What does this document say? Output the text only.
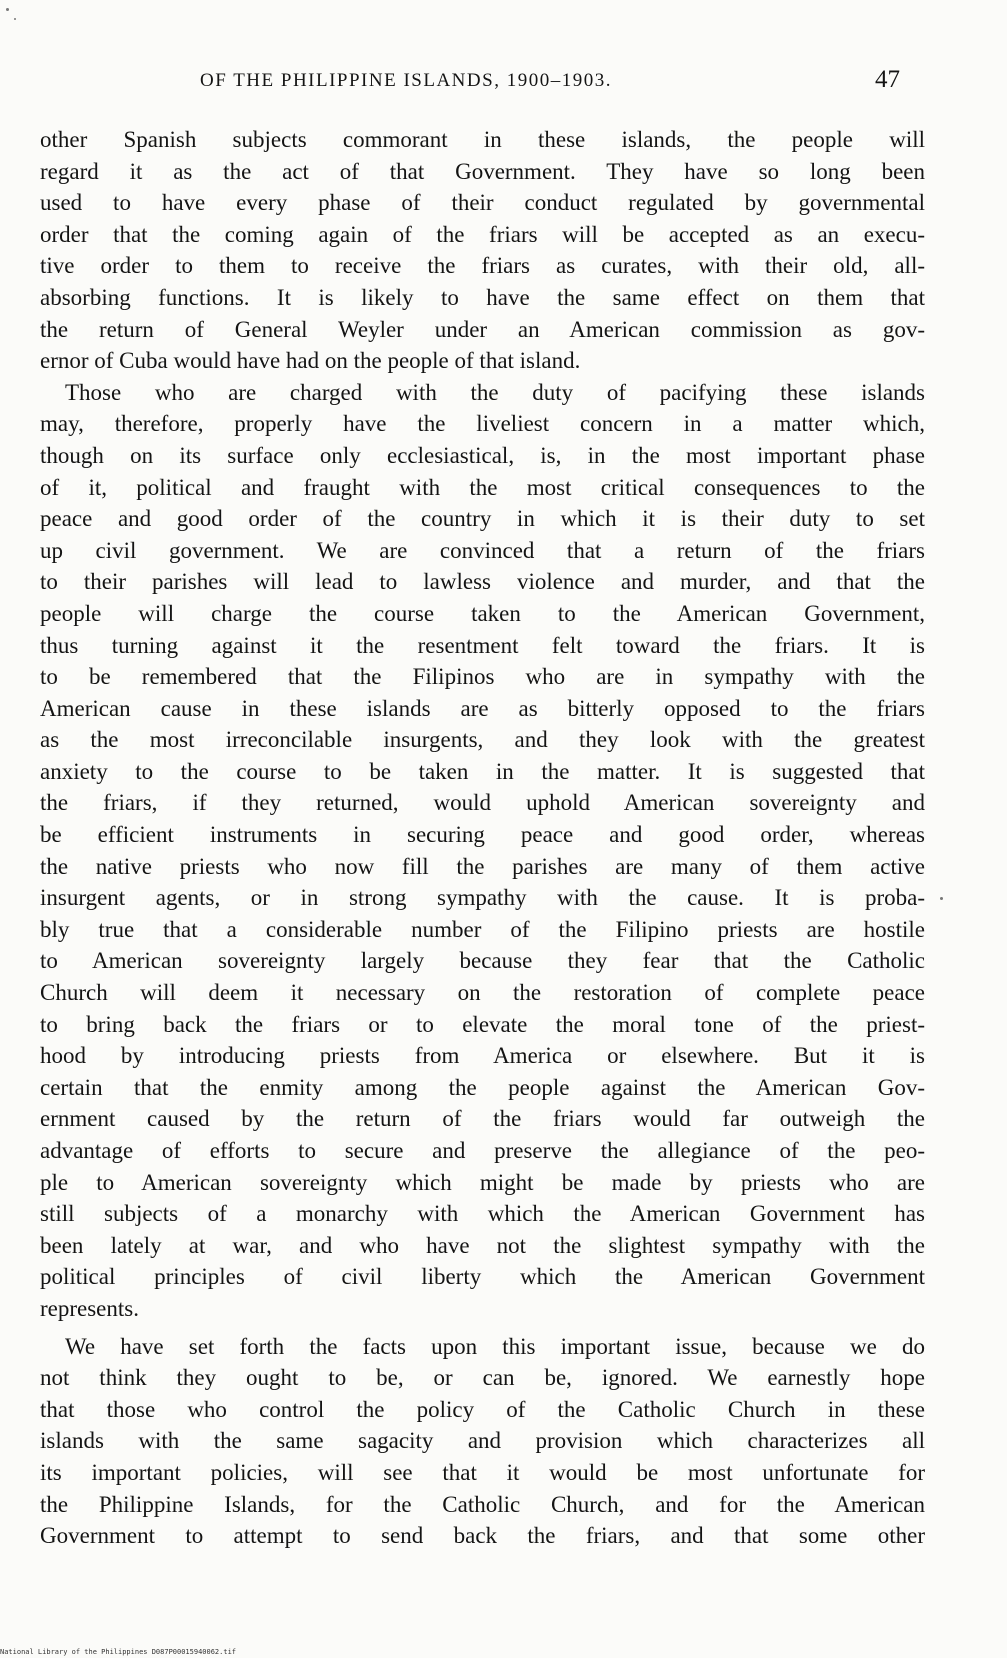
OF THE PHILIPPINE ISLANDS, 1900–1903.	47
other Spanish subjects commorant in these islands, the people will
regard it as the act of that Government. They have so long been
used to have every phase of their conduct regulated by governmental
order that the coming again of the friars will be accepted as an execu-
tive order to them to receive the friars as curates, with their old, all-
absorbing functions. It is likely to have the same effect on them that
the return of General Weyler under an American commission as gov-
ernor of Cuba would have had on the people of that island.
Those who are charged with the duty of pacifying these islands
may, therefore, properly have the liveliest concern in a matter which,
though on its surface only ecclesiastical, is, in the most important phase
of it, political and fraught with the most critical consequences to the
peace and good order of the country in which it is their duty to set
up civil government. We are convinced that a return of the friars
to their parishes will lead to lawless violence and murder, and that the
people will charge the course taken to the American Government,
thus turning against it the resentment felt toward the friars. It is
to be remembered that the Filipinos who are in sympathy with the
American cause in these islands are as bitterly opposed to the friars
as the most irreconcilable insurgents, and they look with the greatest
anxiety to the course to be taken in the matter. It is suggested that
the friars, if they returned, would uphold American sovereignty and
be efficient instruments in securing peace and good order, whereas
the native priests who now fill the parishes are many of them active
insurgent agents, or in strong sympathy with the cause. It is proba-
bly true that a considerable number of the Filipino priests are hostile
to American sovereignty largely because they fear that the Catholic
Church will deem it necessary on the restoration of complete peace
to bring back the friars or to elevate the moral tone of the priest-
hood by introducing priests from America or elsewhere. But it is
certain that the enmity among the people against the American Gov-
ernment caused by the return of the friars would far outweigh the
advantage of efforts to secure and preserve the allegiance of the peo-
ple to American sovereignty which might be made by priests who are
still subjects of a monarchy with which the American Government has
been lately at war, and who have not the slightest sympathy with the
political principles of civil liberty which the American Government
represents.
We have set forth the facts upon this important issue, because we do
not think they ought to be, or can be, ignored. We earnestly hope
that those who control the policy of the Catholic Church in these
islands with the same sagacity and provision which characterizes all
its important policies, will see that it would be most unfortunate for
the Philippine Islands, for the Catholic Church, and for the American
Government to attempt to send back the friars, and that some other
National Library of the Philippines D087P00015940062.tif
